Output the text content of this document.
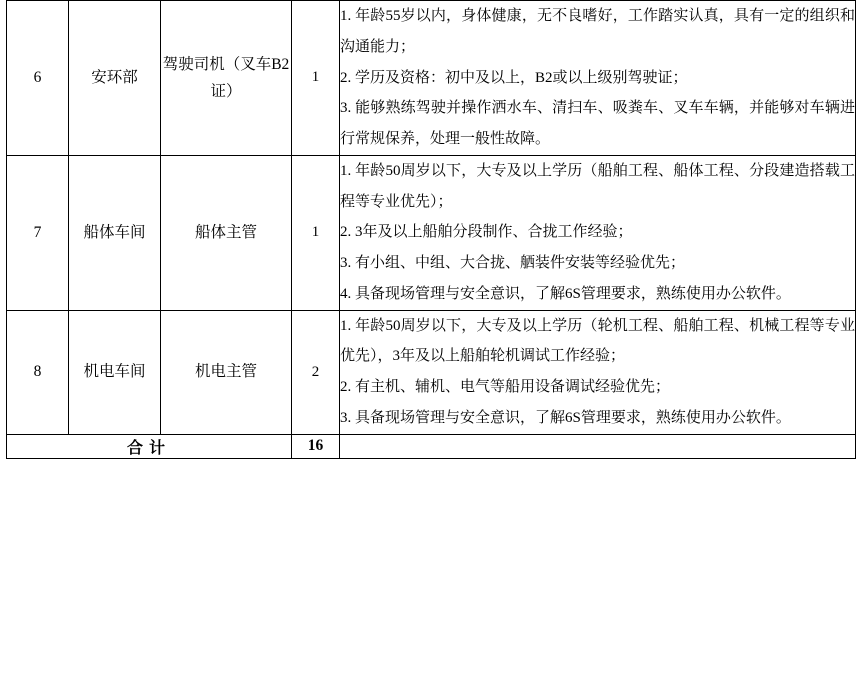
6	安环部	驾驶司机（叉车B2证）	1	1. 年龄55岁以内，身体健康，无不良嗜好，工作踏实认真，具有一定的组织和沟通能力；
2. 学历及资格：初中及以上，B2或以上级别驾驶证；
3. 能够熟练驾驶并操作洒水车、清扫车、吸粪车、叉车车辆，并能够对车辆进行常规保养，处理一般性故障。

7	船体车间	船体主管	1	1. 年龄50周岁以下，大专及以上学历（船舶工程、船体工程、分段建造搭载工程等专业优先）；
2. 3年及以上船舶分段制作、合拢工作经验；
3. 有小组、中组、大合拢、舾装件安装等经验优先；
4. 具备现场管理与安全意识，了解6S管理要求，熟练使用办公软件。

8	机电车间	机电主管	2	1. 年龄50周岁以下，大专及以上学历（轮机工程、船舶工程、机械工程等专业优先），3年及以上船舶轮机调试工作经验；
2. 有主机、辅机、电气等船用设备调试经验优先；
3. 具备现场管理与安全意识，了解6S管理要求，熟练使用办公软件。

合计			16	
